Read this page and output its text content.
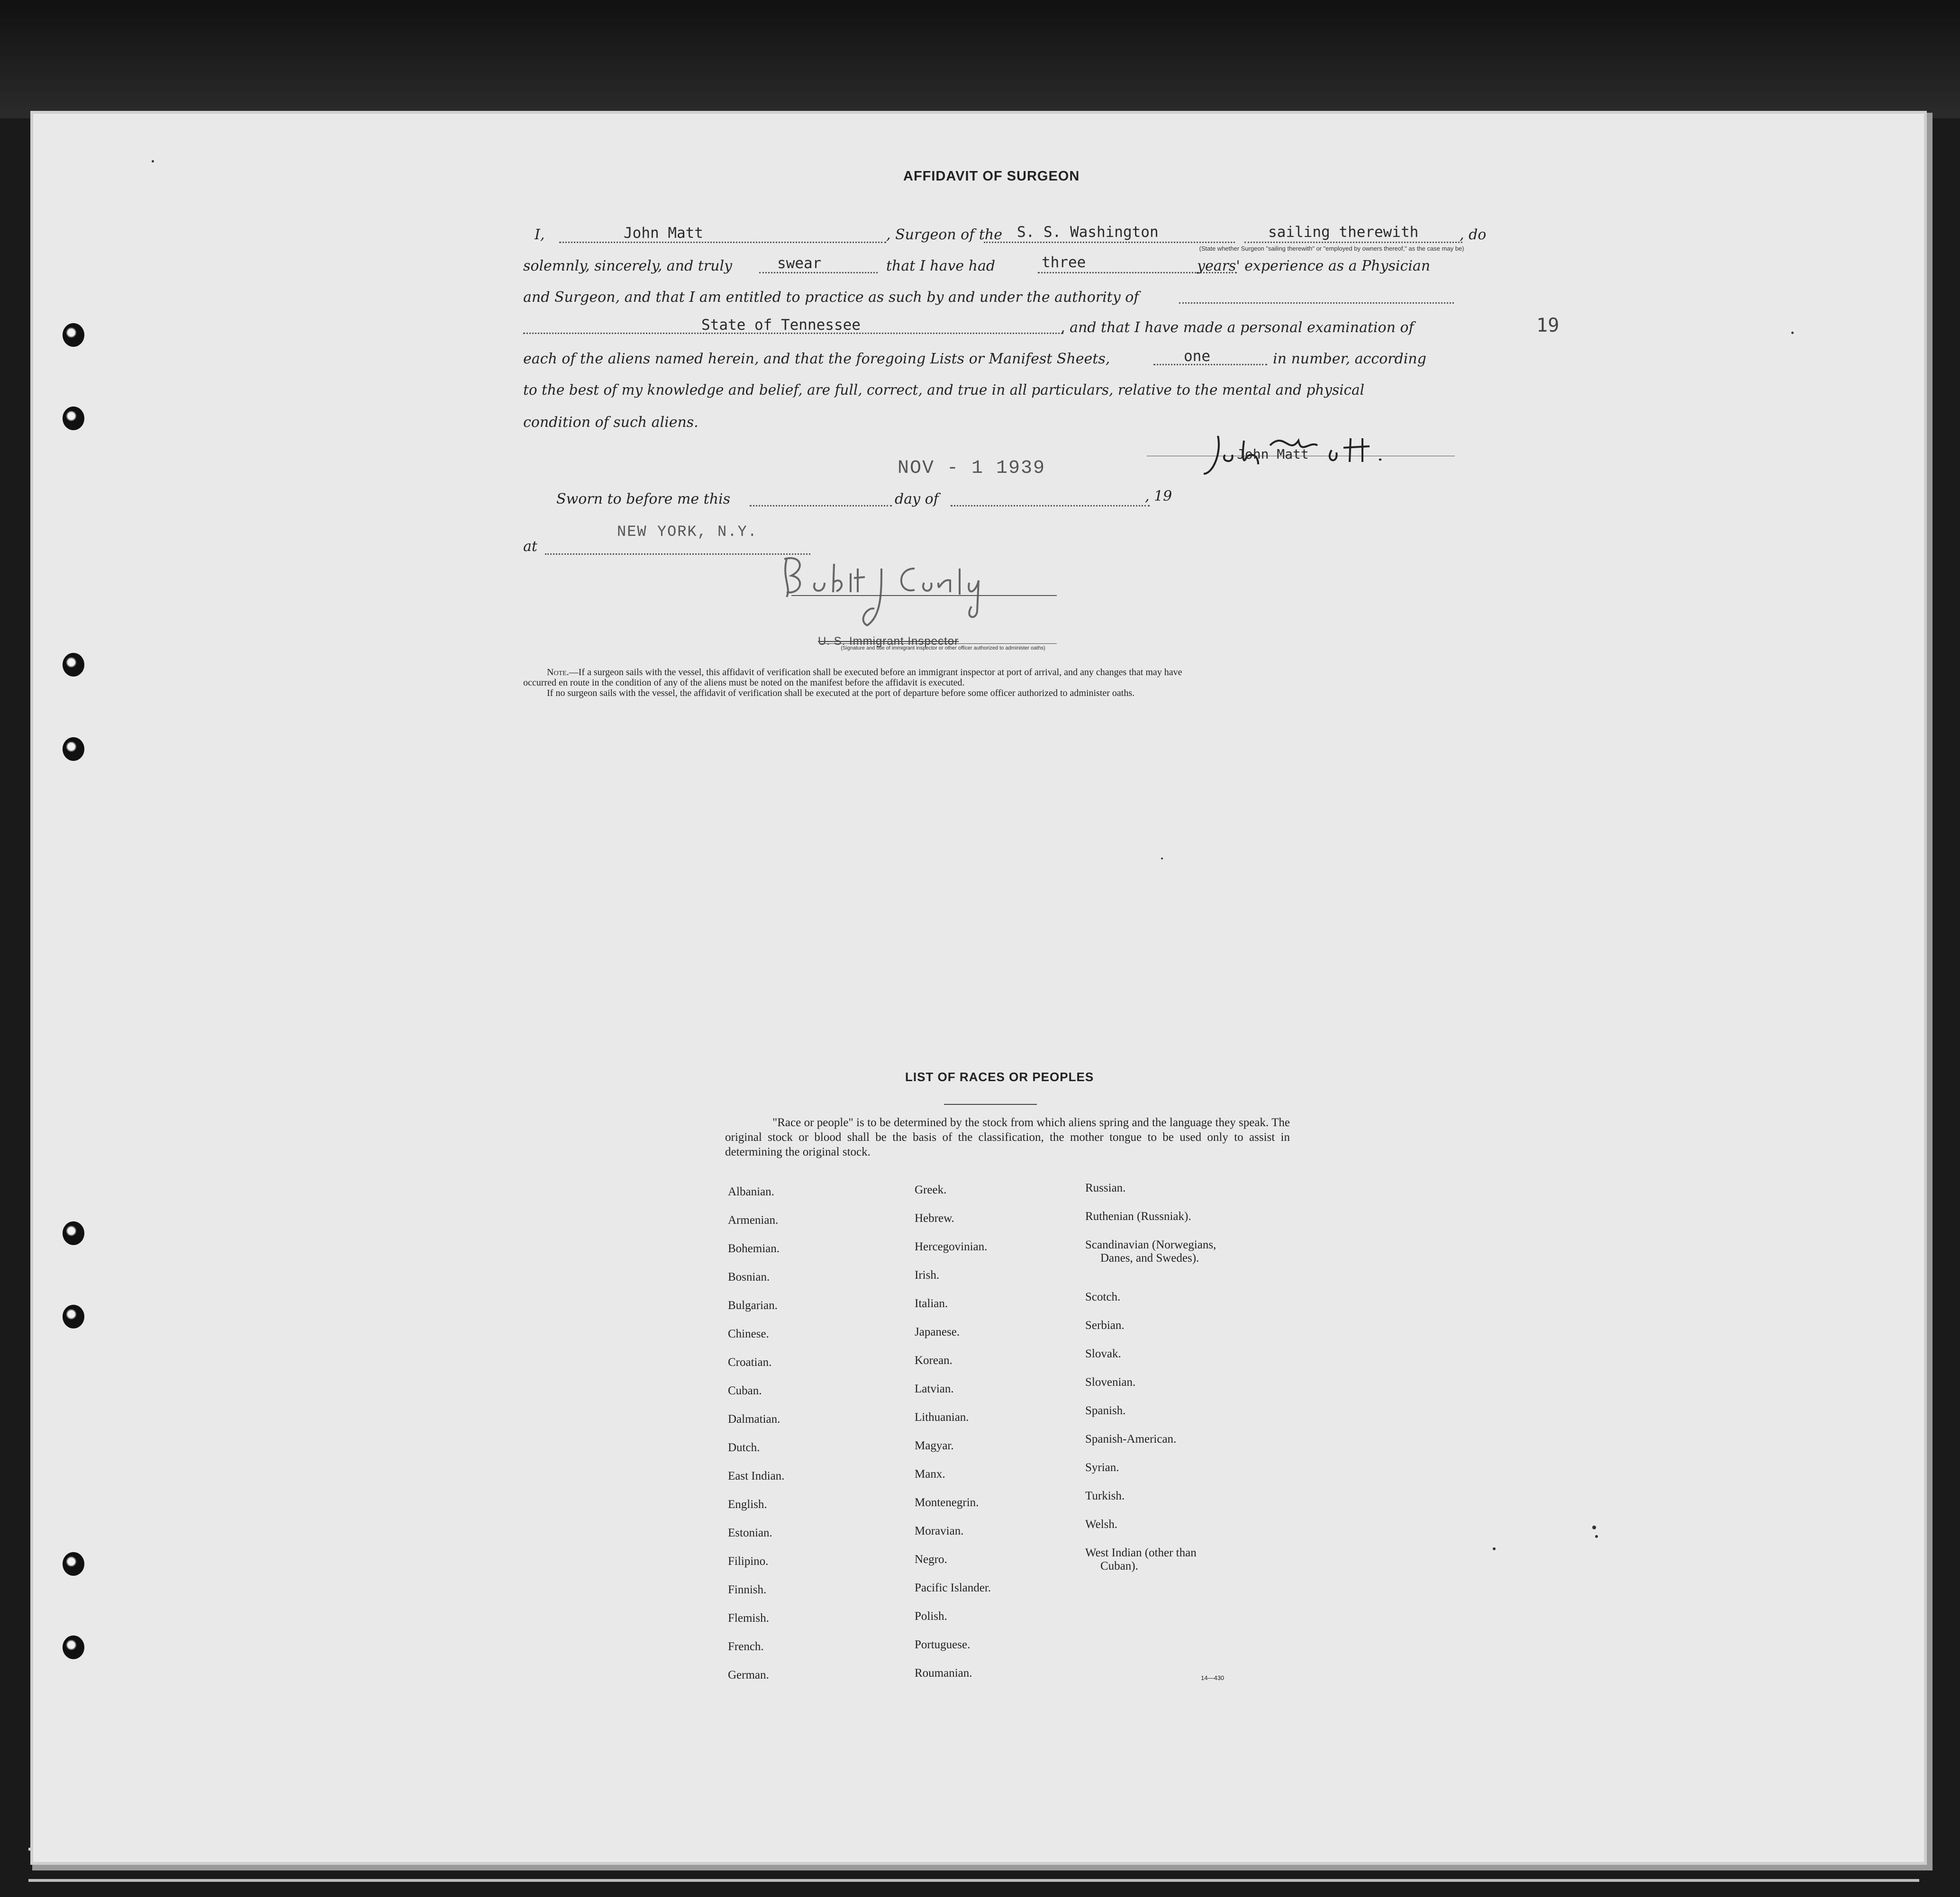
AFFIDAVIT OF SURGEON
I,	John Matt	, Surgeon of the S. S. Washington	sailing therewith	, do
(State whether Surgeon "sailing therewith" or "employed by owners thereof," as the case may be)
solemnly, sincerely, and truly	swear	that I have had	three	years' experience as a Physician
and Surgeon, and that I am entitled to practice as such by and under the authority of
State of Tennessee	, and that I have made a personal examination of
each of the aliens named herein, and that the foregoing Lists or Manifest Sheets,	one	in number, according
to the best of my knowledge and belief, are full, correct, and true in all particulars, relative to the mental and physical
condition of such aliens.
John Matt
NOV - 1 1939
Sworn to before me this	day of	, 19
at
NEW YORK, N.Y.
U. S. Immigrant Inspector
(Signature and title of immigrant inspector or other officer authorized to administer oaths)
Note.—If a surgeon sails with the vessel, this affidavit of verification shall be executed before an immigrant inspector at port of arrival, and any changes that may have
occurred en route in the condition of any of the aliens must be noted on the manifest before the affidavit is executed.
If no surgeon sails with the vessel, the affidavit of verification shall be executed at the port of departure before some officer authorized to administer oaths.
19
LIST OF RACES OR PEOPLES
"Race or people" is to be determined by the stock from which aliens spring and the language they speak. The original stock or blood shall be the basis of the classification, the mother tongue to be used only to assist in determining the original stock.
Albanian.
Armenian.
Bohemian.
Bosnian.
Bulgarian.
Chinese.
Croatian.
Cuban.
Dalmatian.
Dutch.
East Indian.
English.
Estonian.
Filipino.
Finnish.
Flemish.
French.
German.
Greek.
Hebrew.
Hercegovinian.
Irish.
Italian.
Japanese.
Korean.
Latvian.
Lithuanian.
Magyar.
Manx.
Montenegrin.
Moravian.
Negro.
Pacific Islander.
Polish.
Portuguese.
Roumanian.
Russian.
Ruthenian (Russniak).
Scandinavian (Norwegians,
Danes, and Swedes).
Scotch.
Serbian.
Slovak.
Slovenian.
Spanish.
Spanish-American.
Syrian.
Turkish.
Welsh.
West Indian (other than
Cuban).
14—430
